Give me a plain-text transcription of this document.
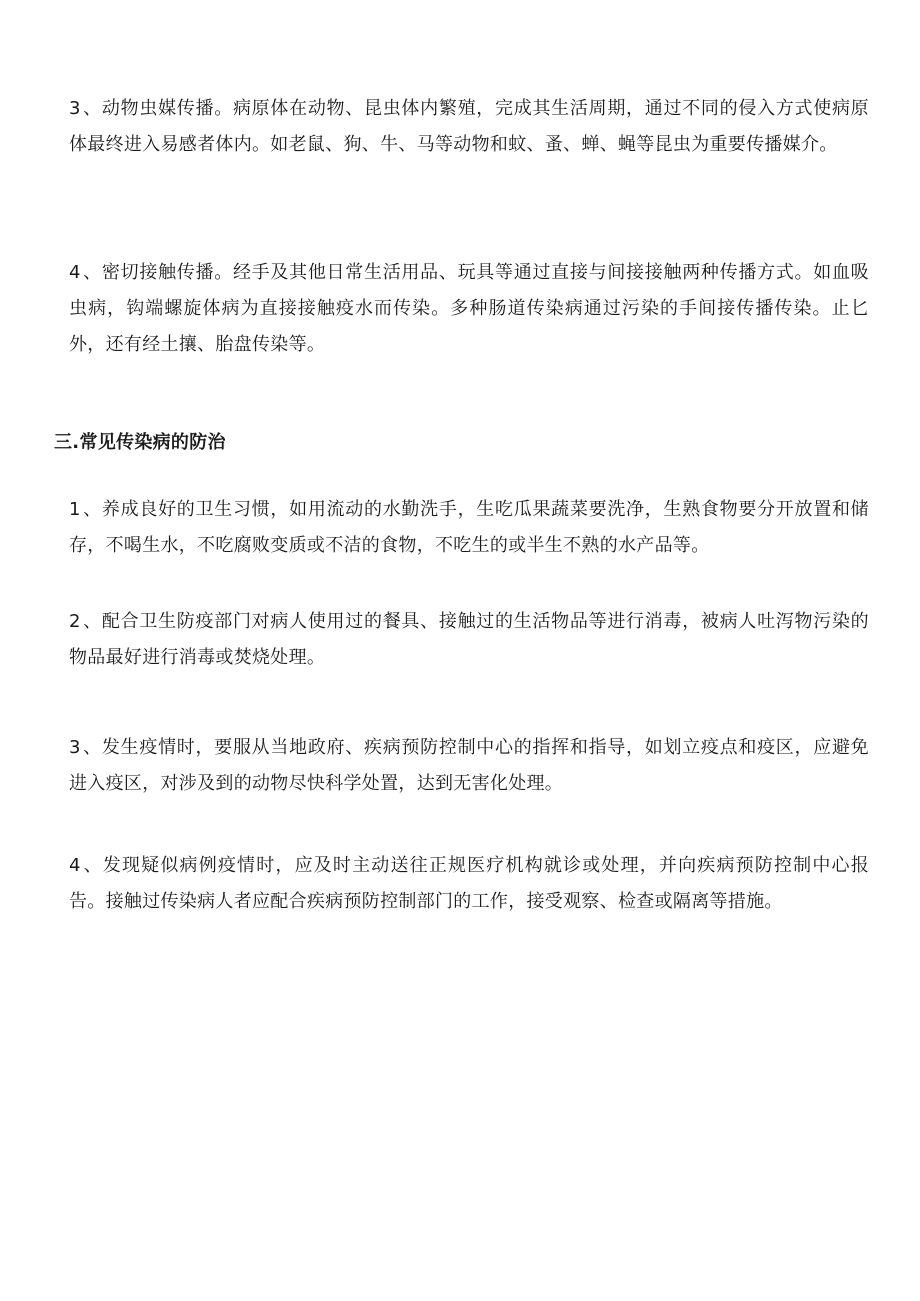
3 、动物虫媒传播。病原体在动物、昆虫体内繁殖，完成其生活周期，通过不同的侵入方式使病原体最终进入易感者体内。如老鼠、狗、牛、马等动物和蚊、蚤、蝉、蝇等昆虫为重要传播媒介。

4 、密切接触传播。经手及其他日常生活用品、玩具等通过直接与间接接触两种传播方式。如血吸虫病，钩端螺旋体病为直接接触疫水而传染。多种肠道传染病通过污染的手间接传播传染。止匕外，还有经土攘、胎盘传染等。

三.常见传染病的防治

1 、养成良好的卫生习惯，如用流动的水勤洗手，生吃瓜果蔬菜要洗净，生熟食物要分开放置和储存，不喝生水，不吃腐败变质或不洁的食物，不吃生的或半生不熟的水产品等。

2 、配合卫生防疫部门对病人使用过的餐具、接触过的生活物品等进行消毒，被病人吐泻物污染的物品最好进行消毒或焚烧处理。

3 、发生疫情时，要服从当地政府、疾病预防控制中心的指挥和指导，如划立疫点和疫区，应避免进入疫区，对涉及到的动物尽快科学处置，达到无害化处理。

4 、发现疑似病例疫情时，应及时主动送往正规医疗机构就诊或处理，并向疾病预防控制中心报告。接触过传染病人者应配合疾病预防控制部门的工作，接受观察、检查或隔离等措施。
